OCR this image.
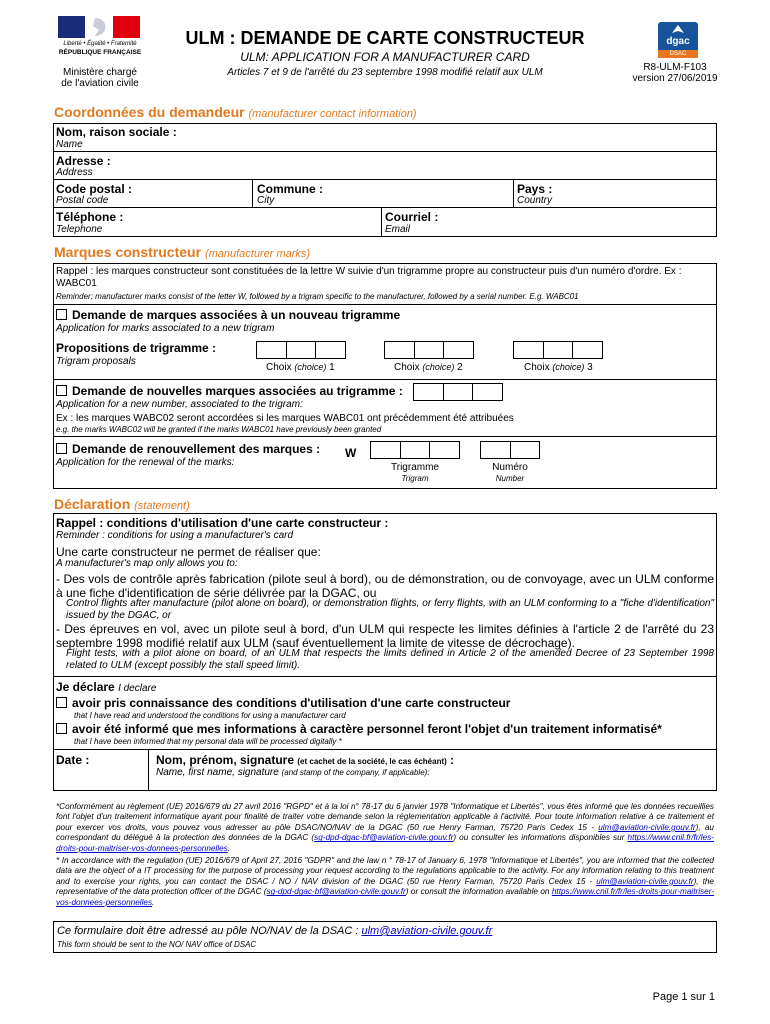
Liberté • Égalité • Fraternité
RÉPUBLIQUE FRANÇAISE
Ministère chargé
de l'aviation civile
ULM : DEMANDE DE CARTE CONSTRUCTEUR
ULM: APPLICATION FOR A MANUFACTURER CARD
Articles 7 et 9 de l'arrêté du 23 septembre 1998 modifié relatif aux ULM
dgac
DSAC
R8-ULM-F103
version 27/06/2019
Coordonnées du demandeur (manufacturer contact information)
Nom, raison sociale :
Name
Adresse :
Address
Code postal :
Postal code
Commune :
City
Pays :
Country
Téléphone :
Telephone
Courriel :
Email
Marques constructeur (manufacturer marks)
Rappel : les marques constructeur sont constituées de la lettre W suivie d'un trigramme propre au constructeur puis d'un numéro d'ordre. Ex : WABC01
Reminder: manufacturer marks consist of the letter W, followed by a trigram specific to the manufacturer, followed by a serial number. E.g. WABC01
Demande de marques associées à un nouveau trigramme
Application for marks associated to a new trigram
Propositions de trigramme :
Trigram proposals
Choix (choice) 1	Choix (choice) 2	Choix (choice) 3
Demande de nouvelles marques associées au trigramme :
Application for a new number, associated to the trigram:
Ex : les marques WABC02 seront accordées si les marques WABC01 ont précédemment été attribuées
e.g. the marks WABC02 will be granted if the marks WABC01 have previously been granted
Demande de renouvellement des marques :
Application for the renewal of the marks:
W
Trigramme
Trigram
Numéro
Number
Déclaration (statement)
Rappel : conditions d'utilisation d'une carte constructeur :
Reminder : conditions for using a manufacturer's card
Une carte constructeur ne permet de réaliser que:
A manufacturer's map only allows you to:
- Des vols de contrôle après fabrication (pilote seul à bord), ou de démonstration, ou de convoyage, avec un ULM conforme à une fiche d'identification de série délivrée par la DGAC, ou
Control flights after manufacture (pilot alone on board), or demonstration flights, or ferry flights, with an ULM conforming to a "fiche d'identification" issued by the DGAC, or
- Des épreuves en vol, avec un pilote seul à bord, d'un ULM qui respecte les limites définies à l'article 2 de l'arrêté du 23 septembre 1998 modifié relatif aux ULM (sauf éventuellement la limite de vitesse de décrochage).
Flight tests, with a pilot alone on board, of an ULM that respects the limits defined in Article 2 of the amended Decree of 23 September 1998 related to ULM (except possibly the stall speed limit).
Je déclare I declare
avoir pris connaissance des conditions d'utilisation d'une carte constructeur
that I have read and understood the conditions for using a manufacturer card
avoir été informé que mes informations à caractère personnel feront l'objet d'un traitement informatisé*
that I have been informed that my personal data will be processed digitally *
Date :	Nom, prénom, signature (et cachet de la société, le cas échéant) :
Name, first name, signature (and stamp of the company, if applicable):
*Conformément au règlement (UE) 2016/679 du 27 avril 2016 "RGPD" et à la loi n° 78-17 du 6 janvier 1978 "Informatique et Libertés", vous êtes informé que les données recueillies font l'objet d'un traitement informatique ayant pour finalité de traiter votre demande selon la réglementation applicable à l'activité. Pour toute information relative à ce traitement et pour exercer vos droits, vous pouvez vous adresser au pôle DSAC/NO/NAV de la DGAC (50 rue Henry Farman, 75720 Paris Cedex 15 - ulm@aviation-civile.gouv.fr), au correspondant du délégué à la protection des données de la DGAC (sg-dpd-dgac-bf@aviation-civile.gouv.fr) ou consulter les informations disponibles sur https://www.cnil.fr/fr/les-droits-pour-maitriser-vos-donnees-personnelles.
* In accordance with the regulation (UE) 2016/679 of April 27, 2016 "GDPR" and the law n ° 78-17 of January 6, 1978 "Informatique et Libertés", you are informed that the collected data are the object of a IT processing for the purpose of processing your request according to the regulations applicable to the activity. For any information relating to this treatment and to exercise your rights, you can contact the DSAC / NO / NAV division of the DGAC (50 rue Henry Farman, 75720 Paris Cedex 15 - ulm@aviation-civile.gouv.fr), the representative of the data protection officer of the DGAC (sg-dpd-dgac-bf@aviation-civile.gouv.fr) or consult the information available on https://www.cnil.fr/fr/les-droits-pour-maitriser-vos-donnees-personnelles.
Ce formulaire doit être adressé au pôle NO/NAV de la DSAC : ulm@aviation-civile.gouv.fr
This form should be sent to the NO/ NAV office of DSAC
Page 1 sur 1
